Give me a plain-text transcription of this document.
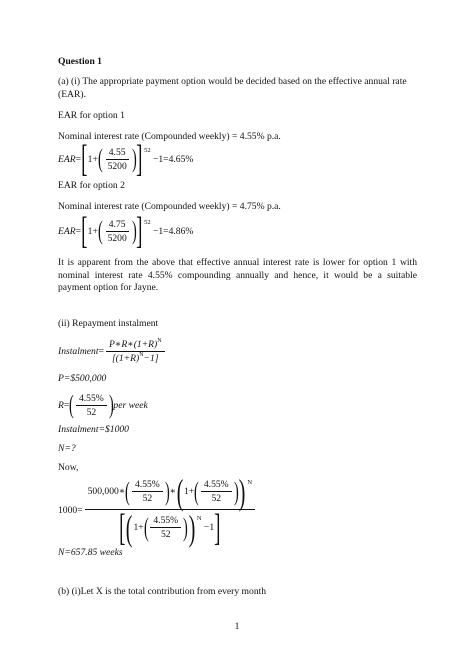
Question 1
(a) (i) The appropriate payment option would be decided based on the effective annual rate (EAR).
EAR for option 1
Nominal interest rate (Compounded weekly) = 4.55% p.a.
EAR = [ 1+ ( $\frac{4.55}{5200}$ ) ] 52
−1= 4.65%
EAR for option 2
Nominal interest rate (Compounded weekly) = 4.75% p.a.
EAR = [ 1+ ( $\frac{4.75}{5200}$ ) ] 52
−1= 4.86%
It is apparent from the above that effective annual interest rate is lower for option 1 with nominal interest rate 4.55% compounding annually and hence, it would be a suitable payment option for Jayne.
(ii) Repayment instalment
Instalment = $\frac{P∗R∗(1+R)^N}{[(1+R)^N-1]}$
P=$500,000
R = ( $\frac{4.55\%}{52}$ ) per week
Instalment=$1000
N=?
Now,
1000 =
500,000 ∗ ( $\frac{4.55\%}{52}$ ) ∗ ( 1+ ( $\frac{4.55\%}{52}$ ) ) N
[ ( 1+ ( $\frac{4.55\%}{52}$ ) ) N
−1 ]
N=657.85 weeks
(b) (i)Let X is the total contribution from every month
1
